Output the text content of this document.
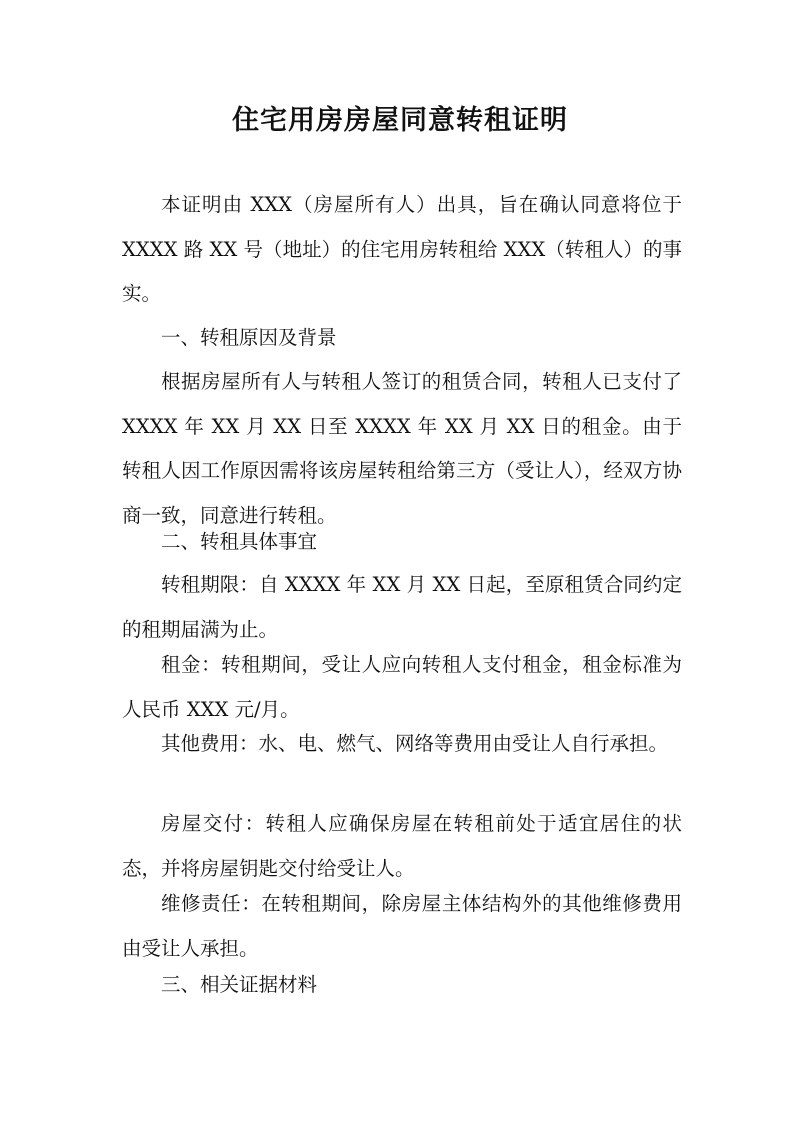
住宅用房房屋同意转租证明

本证明由 XXX（房屋所有人）出具，旨在确认同意将位于 XXXX 路 XX 号（地址）的住宅用房转租给 XXX（转租人）的事实。

一、转租原因及背景

根据房屋所有人与转租人签订的租赁合同，转租人已支付了 XXXX 年 XX 月 XX 日至 XXXX 年 XX 月 XX 日的租金。由于转租人因工作原因需将该房屋转租给第三方（受让人），经双方协商一致，同意进行转租。

二、转租具体事宜

转租期限：自 XXXX 年 XX 月 XX 日起，至原租赁合同约定的租期届满为止。

租金：转租期间，受让人应向转租人支付租金，租金标准为人民币 XXX 元/月。

其他费用：水、电、燃气、网络等费用由受让人自行承担。

房屋交付：转租人应确保房屋在转租前处于适宜居住的状态，并将房屋钥匙交付给受让人。

维修责任：在转租期间，除房屋主体结构外的其他维修费用由受让人承担。

三、相关证据材料
